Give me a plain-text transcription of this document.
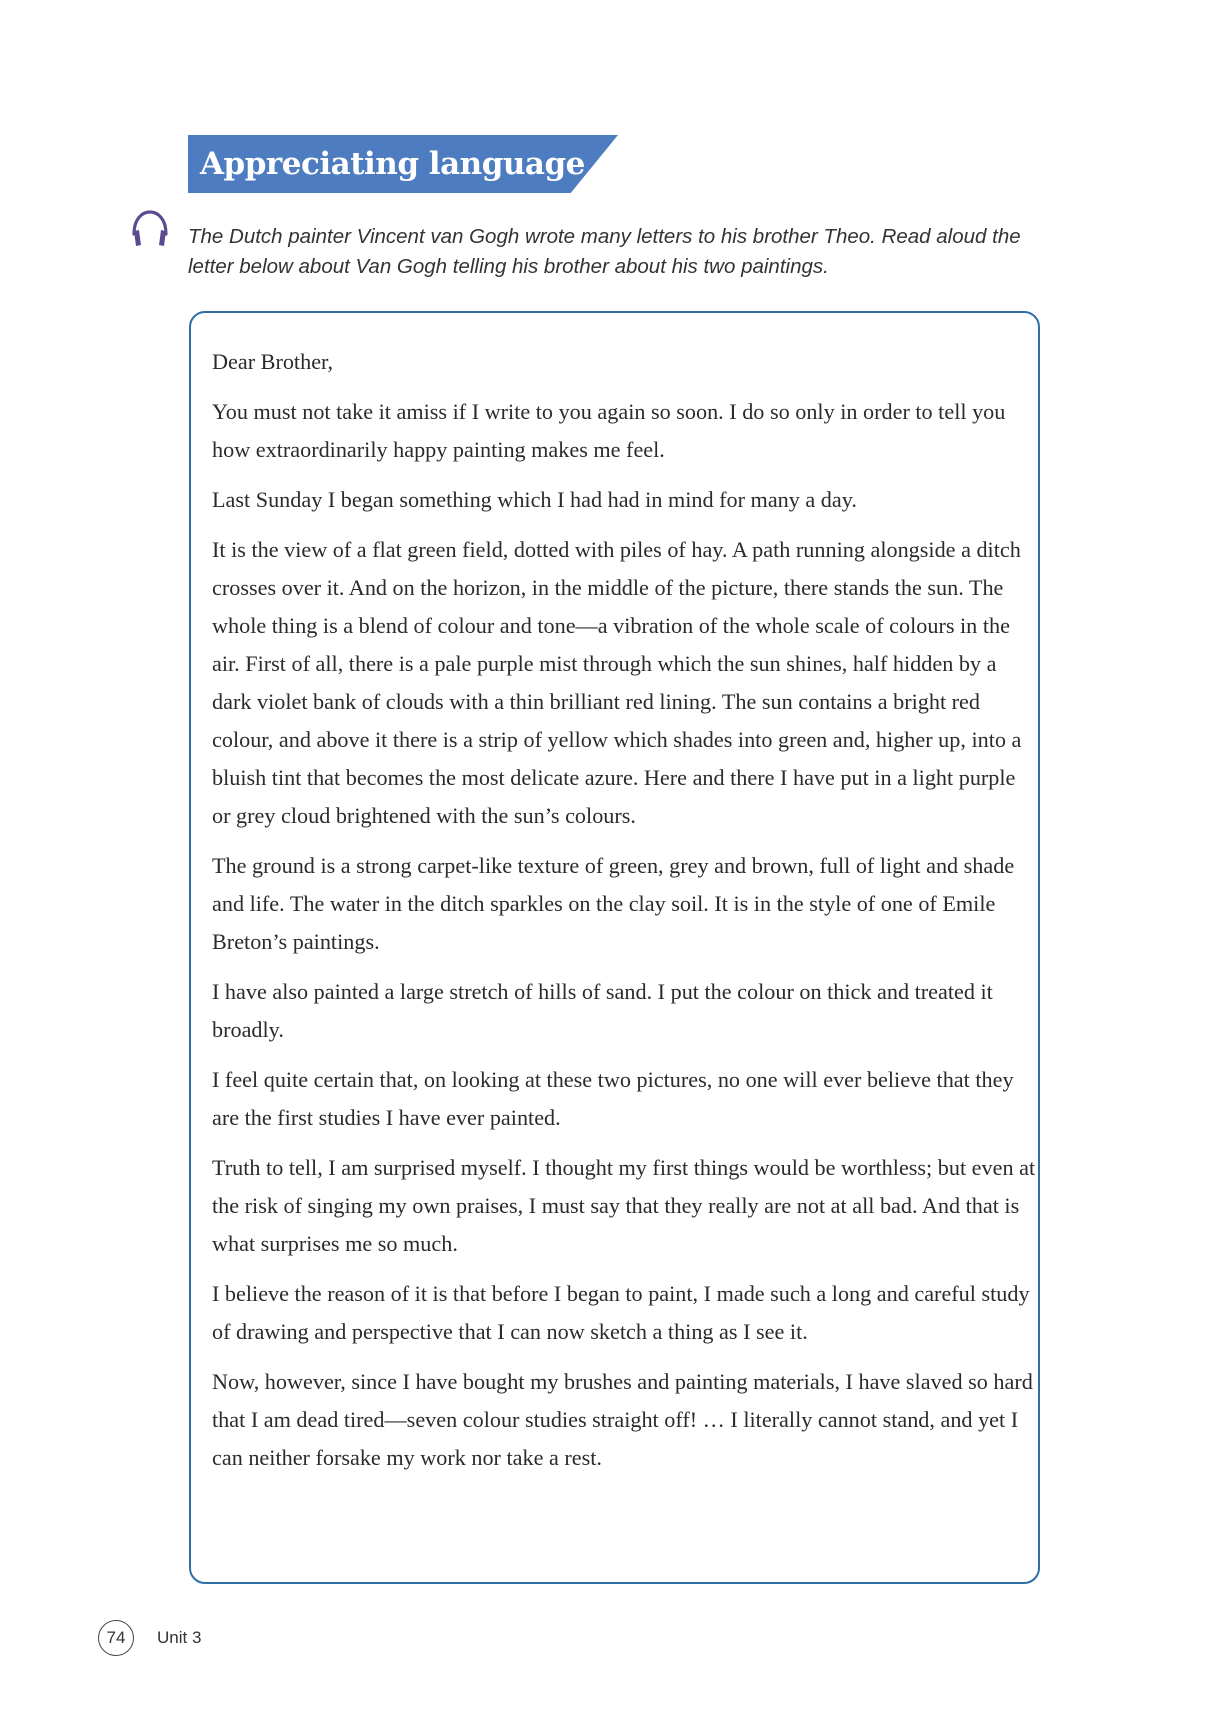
Appreciating language
The Dutch painter Vincent van Gogh wrote many letters to his brother Theo. Read aloud the letter below about Van Gogh telling his brother about his two paintings.

Dear Brother,

You must not take it amiss if I write to you again so soon. I do so only in order to tell you how extraordinarily happy painting makes me feel.

Last Sunday I began something which I had had in mind for many a day.

It is the view of a flat green field, dotted with piles of hay. A path running alongside a ditch crosses over it. And on the horizon, in the middle of the picture, there stands the sun. The whole thing is a blend of colour and tone—a vibration of the whole scale of colours in the air. First of all, there is a pale purple mist through which the sun shines, half hidden by a dark violet bank of clouds with a thin brilliant red lining. The sun contains a bright red colour, and above it there is a strip of yellow which shades into green and, higher up, into a bluish tint that becomes the most delicate azure. Here and there I have put in a light purple or grey cloud brightened with the sun’s colours.

The ground is a strong carpet-like texture of green, grey and brown, full of light and shade and life. The water in the ditch sparkles on the clay soil. It is in the style of one of Emile Breton’s paintings.

I have also painted a large stretch of hills of sand. I put the colour on thick and treated it broadly.

I feel quite certain that, on looking at these two pictures, no one will ever believe that they are the first studies I have ever painted.

Truth to tell, I am surprised myself. I thought my first things would be worthless; but even at the risk of singing my own praises, I must say that they really are not at all bad. And that is what surprises me so much.

I believe the reason of it is that before I began to paint, I made such a long and careful study of drawing and perspective that I can now sketch a thing as I see it.

Now, however, since I have bought my brushes and painting materials, I have slaved so hard that I am dead tired—seven colour studies straight off! … I literally cannot stand, and yet I can neither forsake my work nor take a rest.

74	Unit 3
